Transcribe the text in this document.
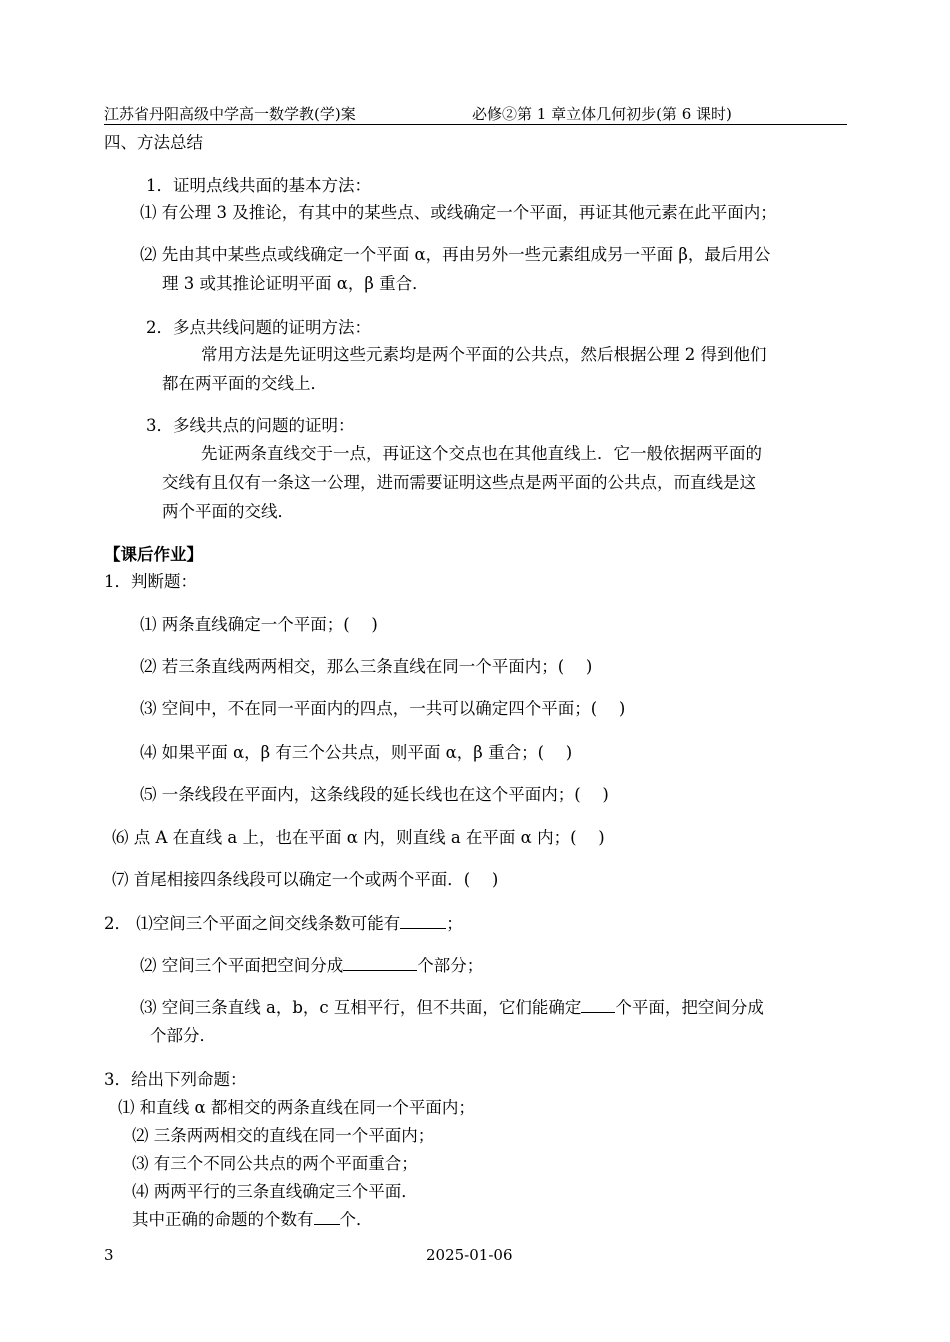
江苏省丹阳高级中学高一数学教(学)案	必修②第 1 章立体几何初步(第 6 课时)
四、方法总结
1．证明点线共面的基本方法：
⑴ 有公理 3 及推论，有其中的某些点、或线确定一个平面，再证其他元素在此平面内；
⑵ 先由其中某些点或线确定一个平面 α，再由另外一些元素组成另一平面 β，最后用公
理 3 或其推论证明平面 α，β 重合．
2．多点共线问题的证明方法：
常用方法是先证明这些元素均是两个平面的公共点，然后根据公理 2 得到他们
都在两平面的交线上．
3．多线共点的问题的证明：
先证两条直线交于一点，再证这个交点也在其他直线上．它一般依据两平面的
交线有且仅有一条这一公理，进而需要证明这些点是两平面的公共点，而直线是这
两个平面的交线．
【课后作业】
1．判断题：
⑴ 两条直线确定一个平面；(　 )
⑵ 若三条直线两两相交，那么三条直线在同一个平面内；(　 )
⑶ 空间中，不在同一平面内的四点，一共可以确定四个平面；(　 )
⑷ 如果平面 α，β 有三个公共点，则平面 α，β 重合；(　 )
⑸ 一条线段在平面内，这条线段的延长线也在这个平面内；(　 )
⑹ 点 A 在直线 a 上，也在平面 α 内，则直线 a 在平面 α 内；(　 )
⑺ 首尾相接四条线段可以确定一个或两个平面．(　 )
2． ⑴空间三个平面之间交线条数可能有	；
⑵ 空间三个平面把空间分成	个部分；
⑶ 空间三条直线 a，b，c 互相平行，但不共面，它们能确定 个平面，把空间分成
个部分．
3．给出下列命题：
⑴ 和直线 α 都相交的两条直线在同一个平面内；
⑵ 三条两两相交的直线在同一个平面内；
⑶ 有三个不同公共点的两个平面重合；
⑷ 两两平行的三条直线确定三个平面．
其中正确的命题的个数有 个．
3	2025-01-06
